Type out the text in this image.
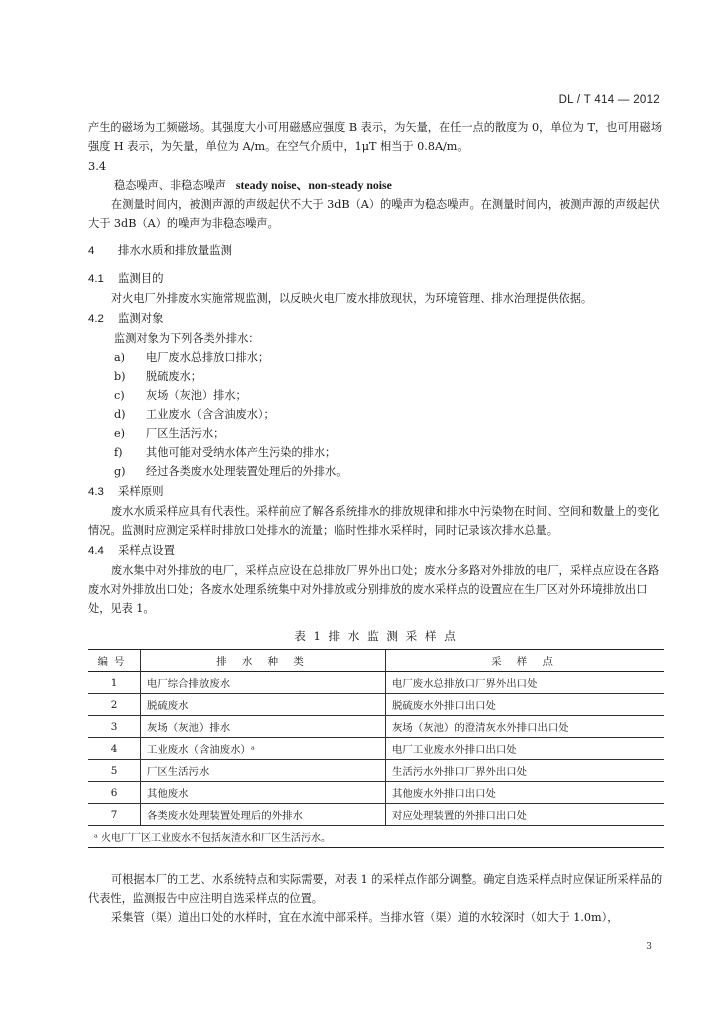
DL / T 414 — 2012

产生的磁场为工频磁场。其强度大小可用磁感应强度 B 表示，为矢量，在任一点的散度为 0，单位为 T，也可用磁场强度 H 表示，为矢量，单位为 A/m。在空气介质中，1μT 相当于 0.8A/m。

3.4

稳态噪声、非稳态噪声 steady noise、non-steady noise

在测量时间内，被测声源的声级起伏不大于 3dB（A）的噪声为稳态噪声。在测量时间内，被测声源的声级起伏大于 3dB（A）的噪声为非稳态噪声。

4 排水水质和排放量监测

4.1 监测目的

对火电厂外排废水实施常规监测，以反映火电厂废水排放现状，为环境管理、排水治理提供依据。

4.2 监测对象

监测对象为下列各类外排水：

a) 电厂废水总排放口排水；

b) 脱硫废水；

c) 灰场（灰池）排水；

d) 工业废水（含含油废水）；

e) 厂区生活污水；

f) 其他可能对受纳水体产生污染的排水；

g) 经过各类废水处理装置处理后的外排水。

4.3 采样原则

废水水质采样应具有代表性。采样前应了解各系统排水的排放规律和排水中污染物在时间、空间和数量上的变化情况。监测时应测定采样时排放口处排水的流量；临时性排水采样时，同时记录该次排水总量。

4.4 采样点设置

废水集中对外排放的电厂，采样点应设在总排放厂界外出口处；废水分多路对外排放的电厂，采样点应设在各路废水对外排放出口处；各废水处理系统集中对外排放或分别排放的废水采样点的设置应在生厂区对外环境排放出口处，见表 1。

表 1 排 水 监 测 采 样 点
编号	排 水 种 类	采 样 点
1	电厂综合排放废水	电厂废水总排放口厂界外出口处
2	脱硫废水	脱硫废水外排口出口处
3	灰场（灰池）排水	灰场（灰池）的澄清灰水外排口出口处
4	工业废水（含油废水）ᵃ	电厂工业废水外排口出口处
5	厂区生活污水	生活污水外排口厂界外出口处
6	其他废水	其他废水外排口出口处
7	各类废水处理装置处理后的外排水	对应处理装置的外排口出口处
ᵃ 火电厂厂区工业废水不包括灰渣水和厂区生活污水。		

可根据本厂的工艺、水系统特点和实际需要，对表 1 的采样点作部分调整。确定自选采样点时应保证所采样品的代表性，监测报告中应注明自选采样点的位置。

采集管（渠）道出口处的水样时，宜在水流中部采样。当排水管（渠）道的水较深时（如大于 1.0m），

3
